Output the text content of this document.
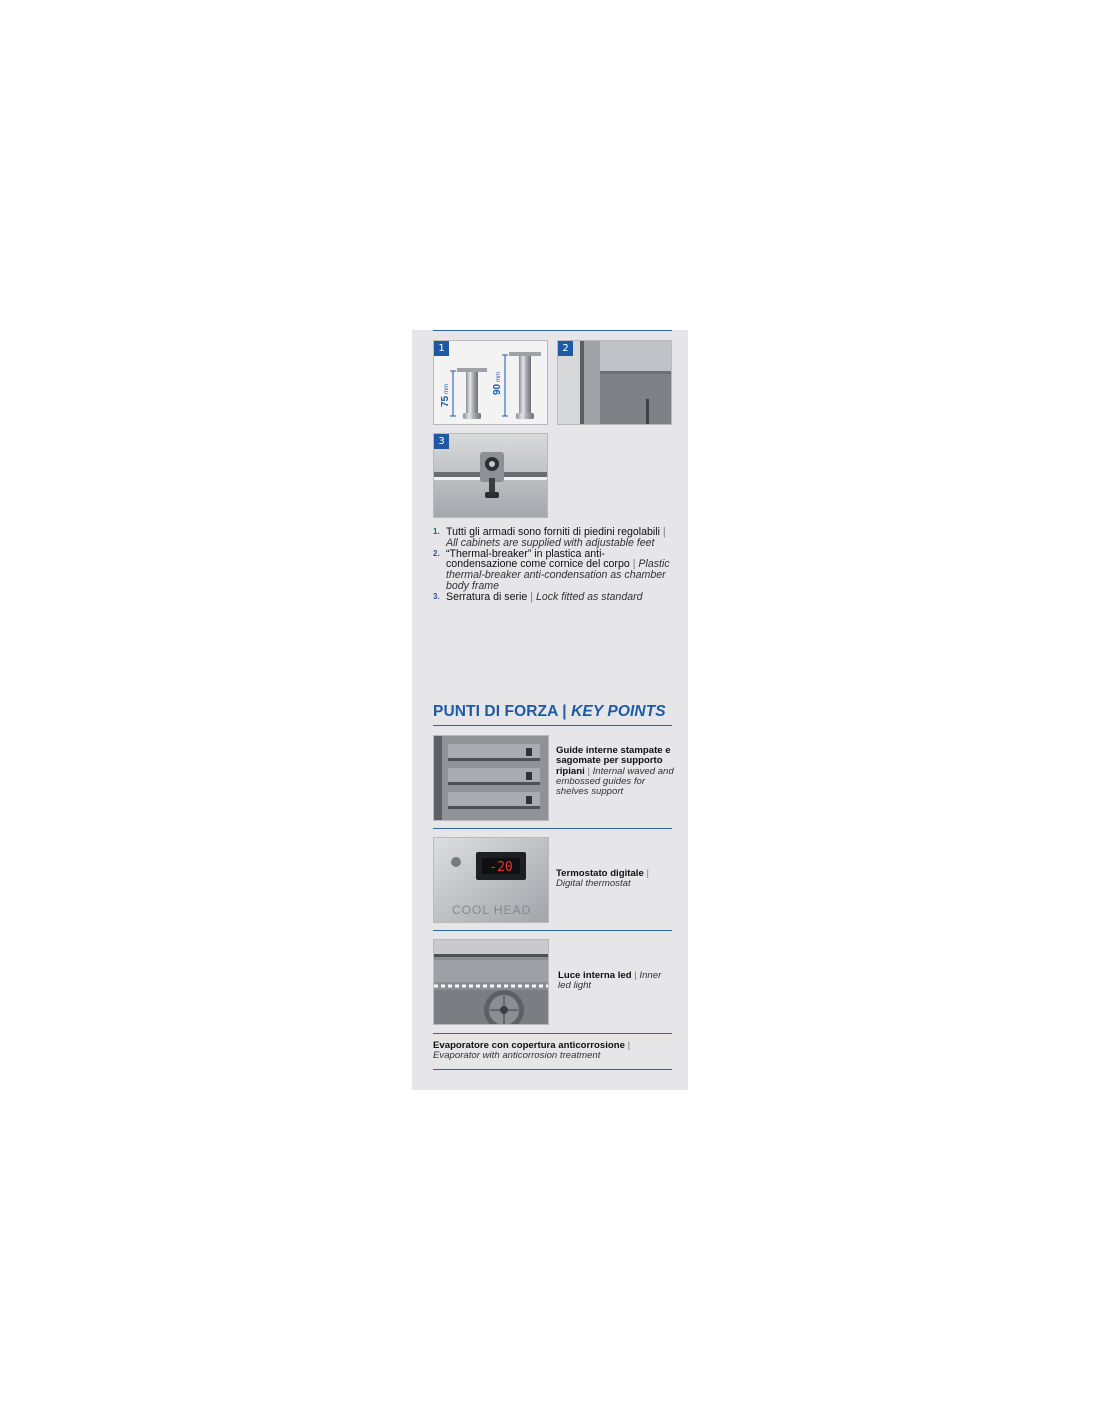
75mm	90mm
1	2
3
1. Tutti gli armadi sono forniti di piedini regolabili | All cabinets are supplied with adjustable feet
2. “Thermal-breaker” in plastica anti-condensazione come cornice del corpo | Plastic thermal-breaker anti-condensation as chamber body frame
3. Serratura di serie | Lock fitted as standard
PUNTI DI FORZA | KEY POINTS
Guide interne stampate e sagomate per supporto ripiani | Internal waved and embossed guides for shelves support
-20
COOL HEAD
Termostato digitale | Digital thermostat
Luce interna led | Inner led light
Evaporatore con copertura anticorrosione | Evaporator with anticorrosion treatment
